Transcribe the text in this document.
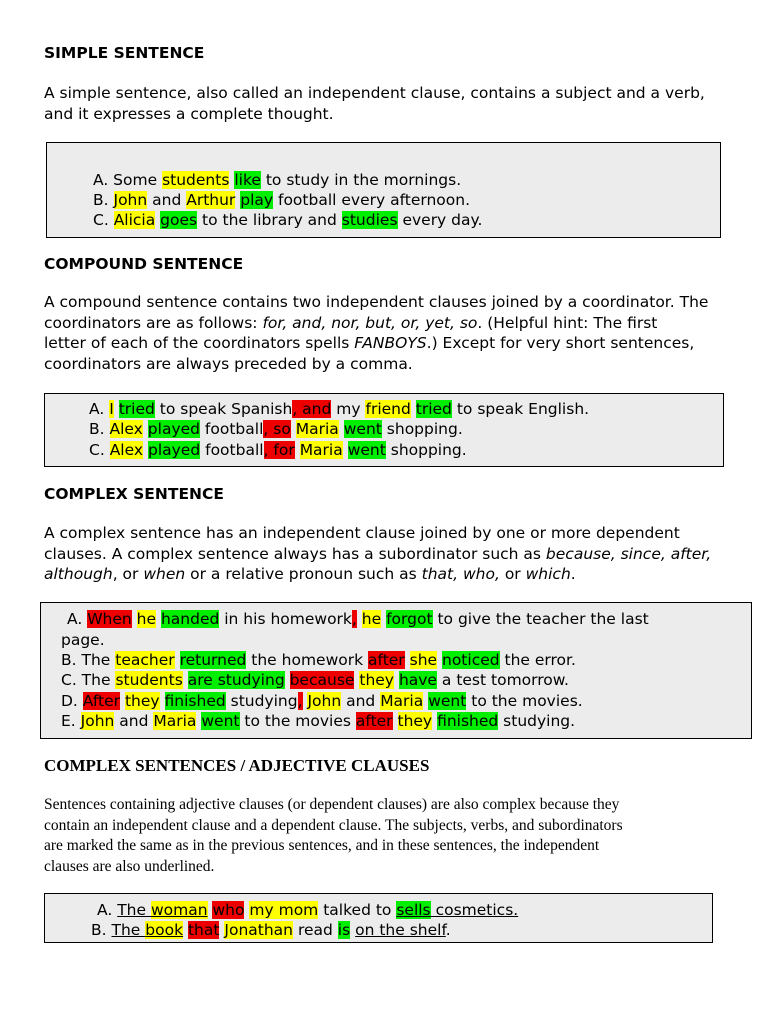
SIMPLE SENTENCE
A simple sentence, also called an independent clause, contains a subject and a verb,
and it expresses a complete thought.
A. Some students like to study in the mornings.
B. John and Arthur play football every afternoon.
C. Alicia goes to the library and studies every day.
COMPOUND SENTENCE
A compound sentence contains two independent clauses joined by a coordinator. The
coordinators are as follows: for, and, nor, but, or, yet, so. (Helpful hint: The first
letter of each of the coordinators spells FANBOYS.) Except for very short sentences,
coordinators are always preceded by a comma.
A. I tried to speak Spanish, and my friend tried to speak English.
B. Alex played football, so Maria went shopping.
C. Alex played football, for Maria went shopping.
COMPLEX SENTENCE
A complex sentence has an independent clause joined by one or more dependent
clauses. A complex sentence always has a subordinator such as because, since, after,
although, or when or a relative pronoun such as that, who, or which.
A. When he handed in his homework, he forgot to give the teacher the last
page.
B. The teacher returned the homework after she noticed the error.
C. The students are studying because they have a test tomorrow.
D. After they finished studying, John and Maria went to the movies.
E. John and Maria went to the movies after they finished studying.
COMPLEX SENTENCES / ADJECTIVE CLAUSES
Sentences containing adjective clauses (or dependent clauses) are also complex because they
contain an independent clause and a dependent clause. The subjects, verbs, and subordinators
are marked the same as in the previous sentences, and in these sentences, the independent
clauses are also underlined.
A. The woman who my mom talked to sells cosmetics.
B. The book that Jonathan read is on the shelf.
